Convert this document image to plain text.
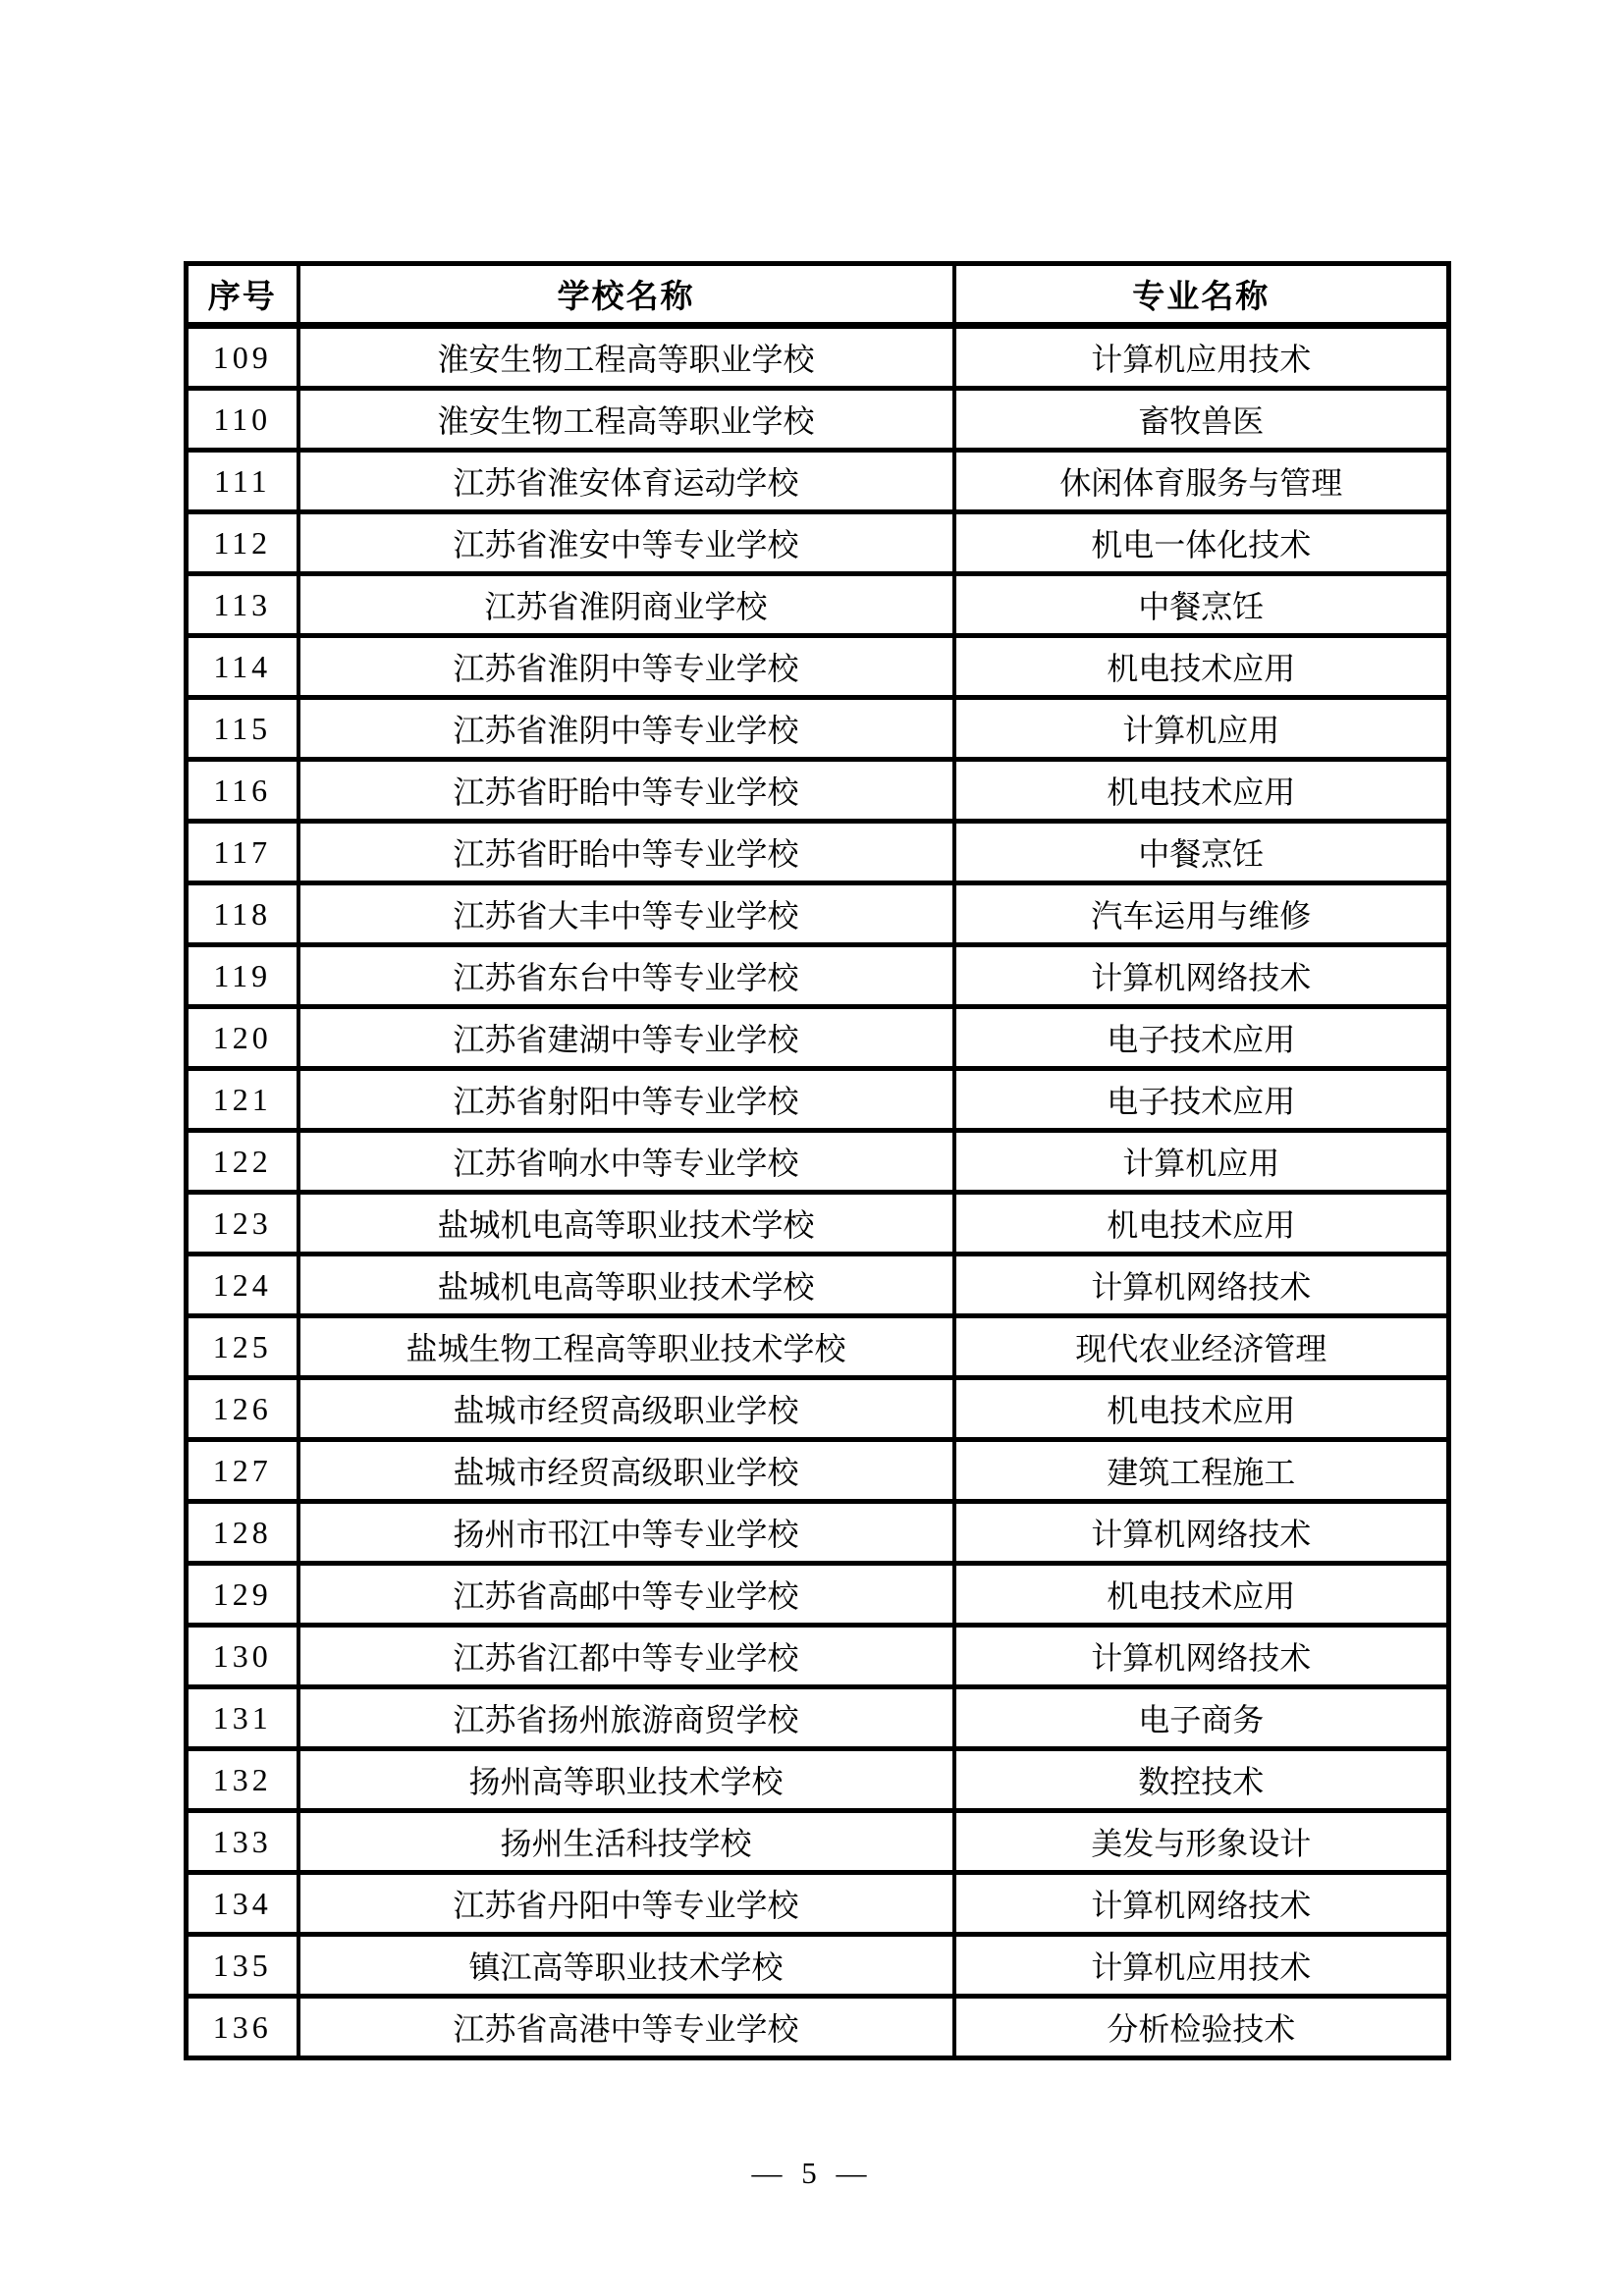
序号	学校名称	专业名称
109	淮安生物工程高等职业学校	计算机应用技术
110	淮安生物工程高等职业学校	畜牧兽医
111	江苏省淮安体育运动学校	休闲体育服务与管理
112	江苏省淮安中等专业学校	机电一体化技术
113	江苏省淮阴商业学校	中餐烹饪
114	江苏省淮阴中等专业学校	机电技术应用
115	江苏省淮阴中等专业学校	计算机应用
116	江苏省盱眙中等专业学校	机电技术应用
117	江苏省盱眙中等专业学校	中餐烹饪
118	江苏省大丰中等专业学校	汽车运用与维修
119	江苏省东台中等专业学校	计算机网络技术
120	江苏省建湖中等专业学校	电子技术应用
121	江苏省射阳中等专业学校	电子技术应用
122	江苏省响水中等专业学校	计算机应用
123	盐城机电高等职业技术学校	机电技术应用
124	盐城机电高等职业技术学校	计算机网络技术
125	盐城生物工程高等职业技术学校	现代农业经济管理
126	盐城市经贸高级职业学校	机电技术应用
127	盐城市经贸高级职业学校	建筑工程施工
128	扬州市邗江中等专业学校	计算机网络技术
129	江苏省高邮中等专业学校	机电技术应用
130	江苏省江都中等专业学校	计算机网络技术
131	江苏省扬州旅游商贸学校	电子商务
132	扬州高等职业技术学校	数控技术
133	扬州生活科技学校	美发与形象设计
134	江苏省丹阳中等专业学校	计算机网络技术
135	镇江高等职业技术学校	计算机应用技术
136	江苏省高港中等专业学校	分析检验技术
— 5 —
